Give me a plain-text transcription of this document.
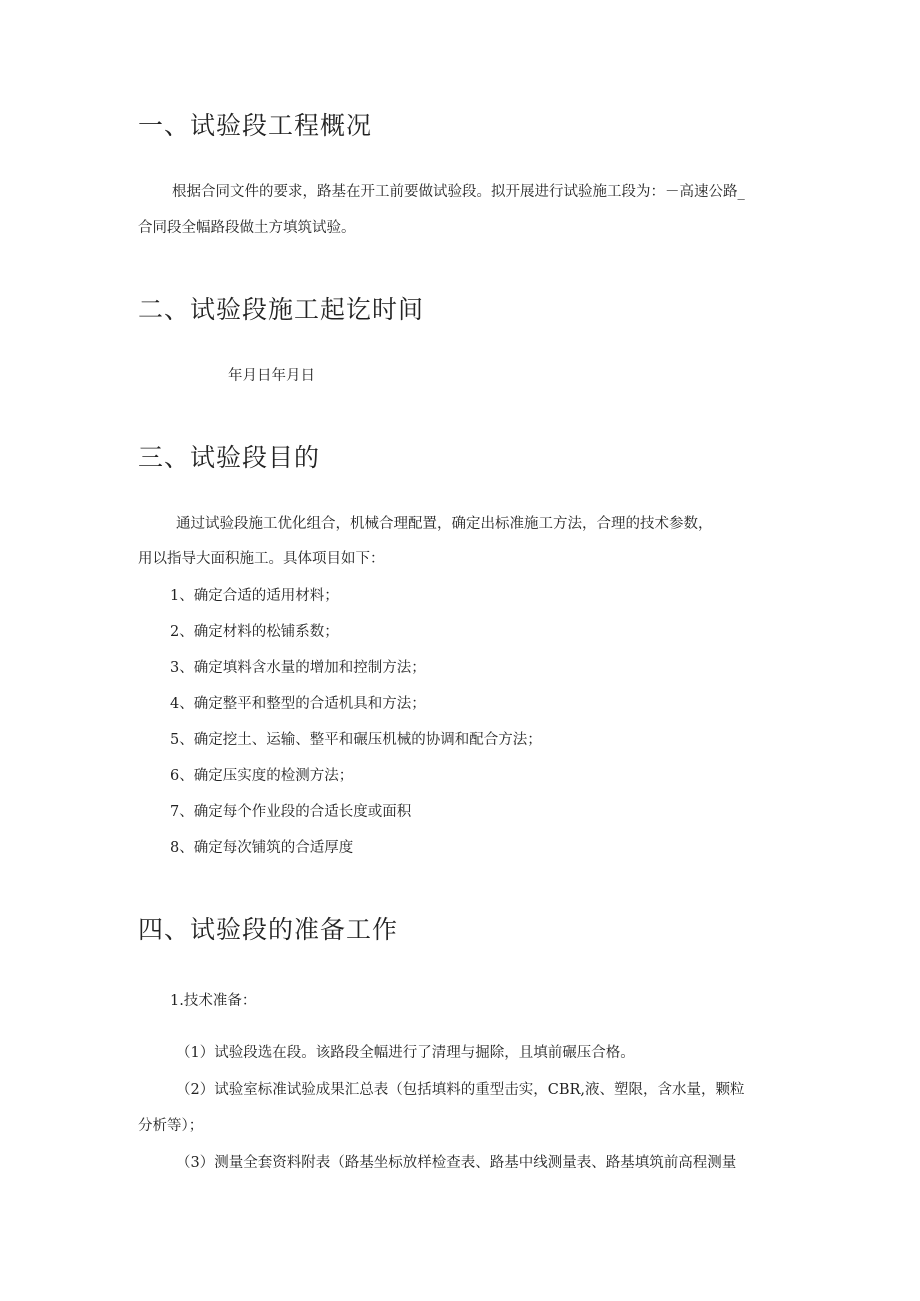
一、试验段工程概况

根据合同文件的要求，路基在开工前要做试验段。拟开展进行试验施工段为：－高速公路_

合同段全幅路段做土方填筑试验。

二、试验段施工起讫时间

年月日年月日

三、试验段目的

通过试验段施工优化组合，机械合理配置，确定出标准施工方法，合理的技术参数，

用以指导大面积施工。具体项目如下：

1、确定合适的适用材料；

2、确定材料的松铺系数；

3、确定填料含水量的增加和控制方法；

4、确定整平和整型的合适机具和方法；

5、确定挖土、运输、整平和碾压机械的协调和配合方法；

6、确定压实度的检测方法；

7、确定每个作业段的合适长度或面积

8、确定每次铺筑的合适厚度

四、试验段的准备工作

1.技术准备：

（1）试验段选在段。该路段全幅进行了清理与掘除，且填前碾压合格。

（2）试验室标准试验成果汇总表（包括填料的重型击实，CBR,液、塑限，含水量，颗粒

分析等）；

（3）测量全套资料附表（路基坐标放样检查表、路基中线测量表、路基填筑前高程测量
